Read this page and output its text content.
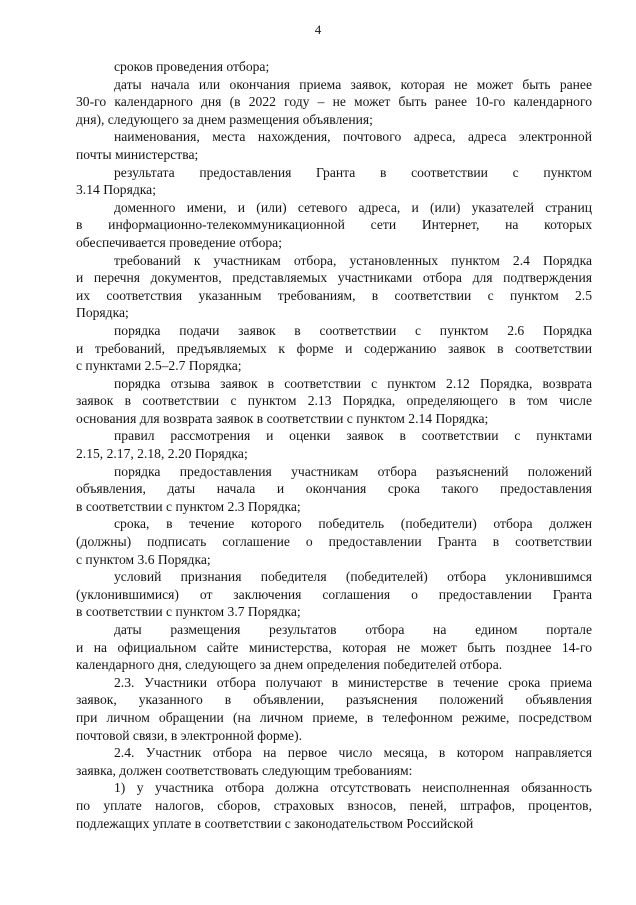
4
сроков проведения отбора;
даты начала или окончания приема заявок, которая не может быть ранее
30-го календарного дня (в 2022 году – не может быть ранее 10-го календарного
дня), следующего за днем размещения объявления;
наименования, места нахождения, почтового адреса, адреса электронной
почты министерства;
результата предоставления Гранта в соответствии с пунктом
3.14 Порядка;
доменного имени, и (или) сетевого адреса, и (или) указателей страниц
в информационно-телекоммуникационной сети Интернет, на которых
обеспечивается проведение отбора;
требований к участникам отбора, установленных пунктом 2.4 Порядка
и перечня документов, представляемых участниками отбора для подтверждения
их соответствия указанным требованиям, в соответствии с пунктом 2.5
Порядка;
порядка подачи заявок в соответствии с пунктом 2.6 Порядка
и требований, предъявляемых к форме и содержанию заявок в соответствии
с пунктами 2.5–2.7 Порядка;
порядка отзыва заявок в соответствии с пунктом 2.12 Порядка, возврата
заявок в соответствии с пунктом 2.13 Порядка, определяющего в том числе
основания для возврата заявок в соответствии с пунктом 2.14 Порядка;
правил рассмотрения и оценки заявок в соответствии с пунктами
2.15, 2.17, 2.18, 2.20 Порядка;
порядка предоставления участникам отбора разъяснений положений
объявления, даты начала и окончания срока такого предоставления
в соответствии с пунктом 2.3 Порядка;
срока, в течение которого победитель (победители) отбора должен
(должны) подписать соглашение о предоставлении Гранта в соответствии
с пунктом 3.6 Порядка;
условий признания победителя (победителей) отбора уклонившимся
(уклонившимися) от заключения соглашения о предоставлении Гранта
в соответствии с пунктом 3.7 Порядка;
даты размещения результатов отбора на едином портале
и на официальном сайте министерства, которая не может быть позднее 14-го
календарного дня, следующего за днем определения победителей отбора.
2.3. Участники отбора получают в министерстве в течение срока приема
заявок, указанного в объявлении, разъяснения положений объявления
при личном обращении (на личном приеме, в телефонном режиме, посредством
почтовой связи, в электронной форме).
2.4. Участник отбора на первое число месяца, в котором направляется
заявка, должен соответствовать следующим требованиям:
1) у участника отбора должна отсутствовать неисполненная обязанность
по уплате налогов, сборов, страховых взносов, пеней, штрафов, процентов,
подлежащих уплате в соответствии с законодательством Российской
